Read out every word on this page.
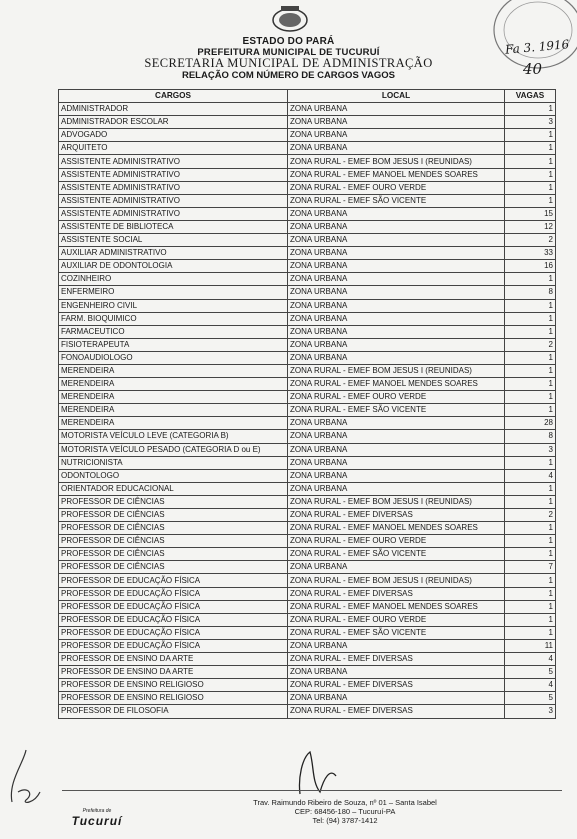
Fa 3. 1916
40
ESTADO DO PARÁ
PREFEITURA MUNICIPAL DE TUCURUÍ
SECRETARIA MUNICIPAL DE ADMINISTRAÇÃO
RELAÇÃO COM NÚMERO DE CARGOS VAGOS
CARGOS	LOCAL	VAGAS
ADMINISTRADOR	ZONA URBANA	1
ADMINISTRADOR ESCOLAR	ZONA URBANA	3
ADVOGADO	ZONA URBANA	1
ARQUITETO	ZONA URBANA	1
ASSISTENTE ADMINISTRATIVO	ZONA RURAL - EMEF BOM JESUS I (REUNIDAS)	1
ASSISTENTE ADMINISTRATIVO	ZONA RURAL - EMEF MANOEL MENDES SOARES	1
ASSISTENTE ADMINISTRATIVO	ZONA RURAL - EMEF OURO VERDE	1
ASSISTENTE ADMINISTRATIVO	ZONA RURAL - EMEF SÃO VICENTE	1
ASSISTENTE ADMINISTRATIVO	ZONA URBANA	15
ASSISTENTE DE BIBLIOTECA	ZONA URBANA	12
ASSISTENTE SOCIAL	ZONA URBANA	2
AUXILIAR ADMINISTRATIVO	ZONA URBANA	33
AUXILIAR DE ODONTOLOGIA	ZONA URBANA	16
COZINHEIRO	ZONA URBANA	1
ENFERMEIRO	ZONA URBANA	8
ENGENHEIRO CIVIL	ZONA URBANA	1
FARM. BIOQUIMICO	ZONA URBANA	1
FARMACEUTICO	ZONA URBANA	1
FISIOTERAPEUTA	ZONA URBANA	2
FONOAUDIOLOGO	ZONA URBANA	1
MERENDEIRA	ZONA RURAL - EMEF BOM JESUS I (REUNIDAS)	1
MERENDEIRA	ZONA RURAL - EMEF MANOEL MENDES SOARES	1
MERENDEIRA	ZONA RURAL - EMEF OURO VERDE	1
MERENDEIRA	ZONA RURAL - EMEF SÃO VICENTE	1
MERENDEIRA	ZONA URBANA	28
MOTORISTA VEÍCULO LEVE (CATEGORIA B)	ZONA URBANA	8
MOTORISTA VEÍCULO PESADO (CATEGORIA D ou E)	ZONA URBANA	3
NUTRICIONISTA	ZONA URBANA	1
ODONTOLOGO	ZONA URBANA	4
ORIENTADOR EDUCACIONAL	ZONA URBANA	1
PROFESSOR DE CIÊNCIAS	ZONA RURAL - EMEF BOM JESUS I (REUNIDAS)	1
PROFESSOR DE CIÊNCIAS	ZONA RURAL - EMEF DIVERSAS	2
PROFESSOR DE CIÊNCIAS	ZONA RURAL - EMEF MANOEL MENDES SOARES	1
PROFESSOR DE CIÊNCIAS	ZONA RURAL - EMEF OURO VERDE	1
PROFESSOR DE CIÊNCIAS	ZONA RURAL - EMEF SÃO VICENTE	1
PROFESSOR DE CIÊNCIAS	ZONA URBANA	7
PROFESSOR DE EDUCAÇÃO FÍSICA	ZONA RURAL - EMEF BOM JESUS I (REUNIDAS)	1
PROFESSOR DE EDUCAÇÃO FÍSICA	ZONA RURAL - EMEF DIVERSAS	1
PROFESSOR DE EDUCAÇÃO FÍSICA	ZONA RURAL - EMEF MANOEL MENDES SOARES	1
PROFESSOR DE EDUCAÇÃO FÍSICA	ZONA RURAL - EMEF OURO VERDE	1
PROFESSOR DE EDUCAÇÃO FÍSICA	ZONA RURAL - EMEF SÃO VICENTE	1
PROFESSOR DE EDUCAÇÃO FÍSICA	ZONA URBANA	11
PROFESSOR DE ENSINO DA ARTE	ZONA RURAL - EMEF DIVERSAS	4
PROFESSOR DE ENSINO DA ARTE	ZONA URBANA	5
PROFESSOR DE ENSINO RELIGIOSO	ZONA RURAL - EMEF DIVERSAS	4
PROFESSOR DE ENSINO RELIGIOSO	ZONA URBANA	5
PROFESSOR DE FILOSOFIA	ZONA RURAL - EMEF DIVERSAS	3
Prefeitura de
Tucuruí
Trav. Raimundo Ribeiro de Souza, nº 01 – Santa Isabel
CEP: 68456-180 – Tucuruí-PA
Tel: (94) 3787-1412
